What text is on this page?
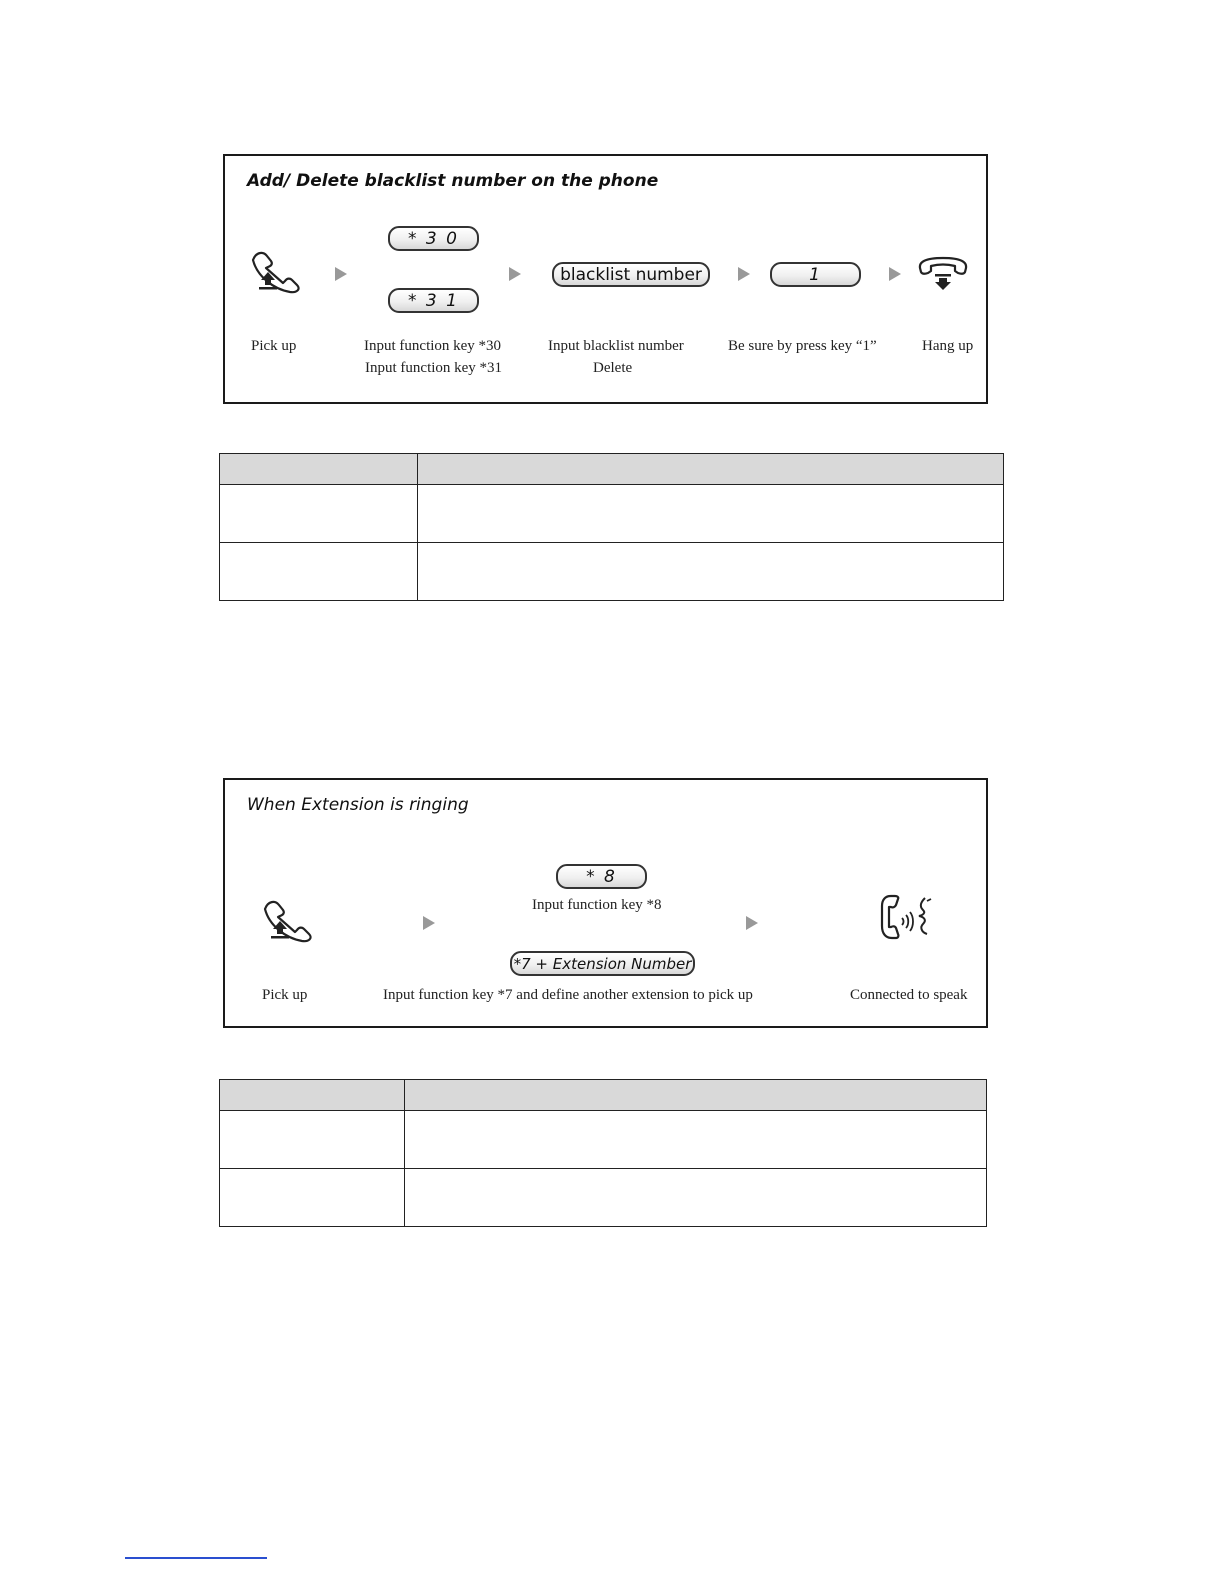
Add/ Delete blacklist number on the phone
* 3 0
* 3 1
blacklist number	1
Pick up	Input function key *30
Input function key *31
Input blacklist number
Delete
Be sure by press key “1”	Hang up

When Extension is ringing
* 8
Input function key *8
*7 + Extension Number
Pick up	Input function key *7 and define another extension to pick up	Connected to speak
